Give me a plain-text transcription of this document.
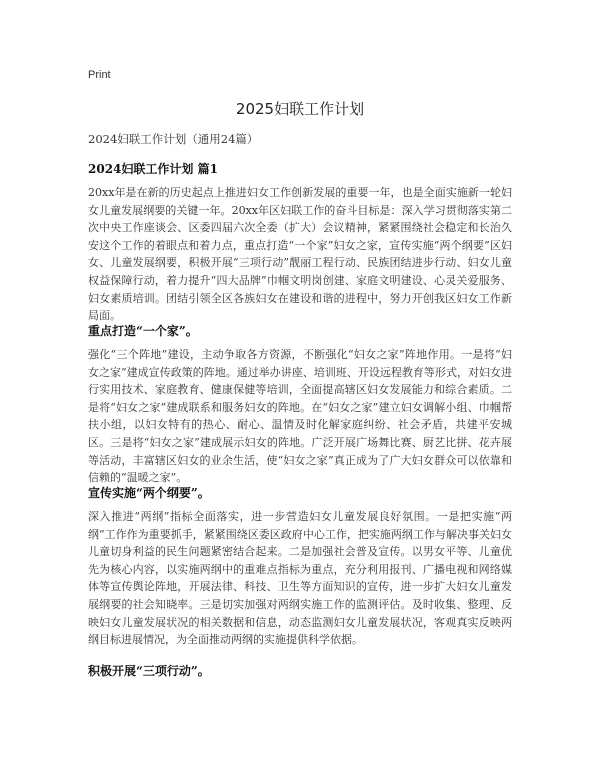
Print
2025妇联工作计划
2024妇联工作计划（通用24篇）
2024妇联工作计划 篇1
20xx年是在新的历史起点上推进妇女工作创新发展的重要一年，也是全面实施新一轮妇女儿童发展纲要的关键一年。20xx年区妇联工作的奋斗目标是：深入学习贯彻落实第二次中央工作座谈会、区委四届六次全委（扩大）会议精神，紧紧围绕社会稳定和长治久安这个工作的着眼点和着力点，重点打造“一个家”妇女之家，宣传实施“两个纲要”区妇女、儿童发展纲要，积极开展“三项行动”靓丽工程行动、民族团结进步行动、妇女儿童权益保障行动，着力提升“四大品牌”巾帼文明岗创建、家庭文明建设、心灵关爱服务、妇女素质培训。团结引领全区各族妇女在建设和谐的进程中，努力开创我区妇女工作新局面。
重点打造“一个家”。
强化“三个阵地”建设，主动争取各方资源，不断强化“妇女之家”阵地作用。一是将“妇女之家”建成宣传政策的阵地。通过举办讲座、培训班、开设远程教育等形式，对妇女进行实用技术、家庭教育、健康保健等培训，全面提高辖区妇女发展能力和综合素质。二是将“妇女之家”建成联系和服务妇女的阵地。在“妇女之家”建立妇女调解小组、巾帼帮扶小组，以妇女特有的热心、耐心、温情及时化解家庭纠纷、社会矛盾，共建平安城区。三是将“妇女之家”建成展示妇女的阵地。广泛开展广场舞比赛、厨艺比拼、花卉展等活动，丰富辖区妇女的业余生活，使“妇女之家”真正成为了广大妇女群众可以依靠和信赖的“温暖之家”。
宣传实施“两个纲要”。
深入推进“两纲”指标全面落实，进一步营造妇女儿童发展良好氛围。一是把实施“两纲”工作作为重要抓手，紧紧围绕区委区政府中心工作，把实施两纲工作与解决事关妇女儿童切身利益的民生问题紧密结合起来。二是加强社会普及宣传。以男女平等、儿童优先为核心内容，以实施两纲中的重难点指标为重点，充分利用报刊、广播电视和网络媒体等宣传舆论阵地，开展法律、科技、卫生等方面知识的宣传，进一步扩大妇女儿童发展纲要的社会知晓率。三是切实加强对两纲实施工作的监测评估。及时收集、整理、反映妇女儿童发展状况的相关数据和信息，动态监测妇女儿童发展状况，客观真实反映两纲目标进展情况，为全面推动两纲的实施提供科学依据。
积极开展“三项行动”。
